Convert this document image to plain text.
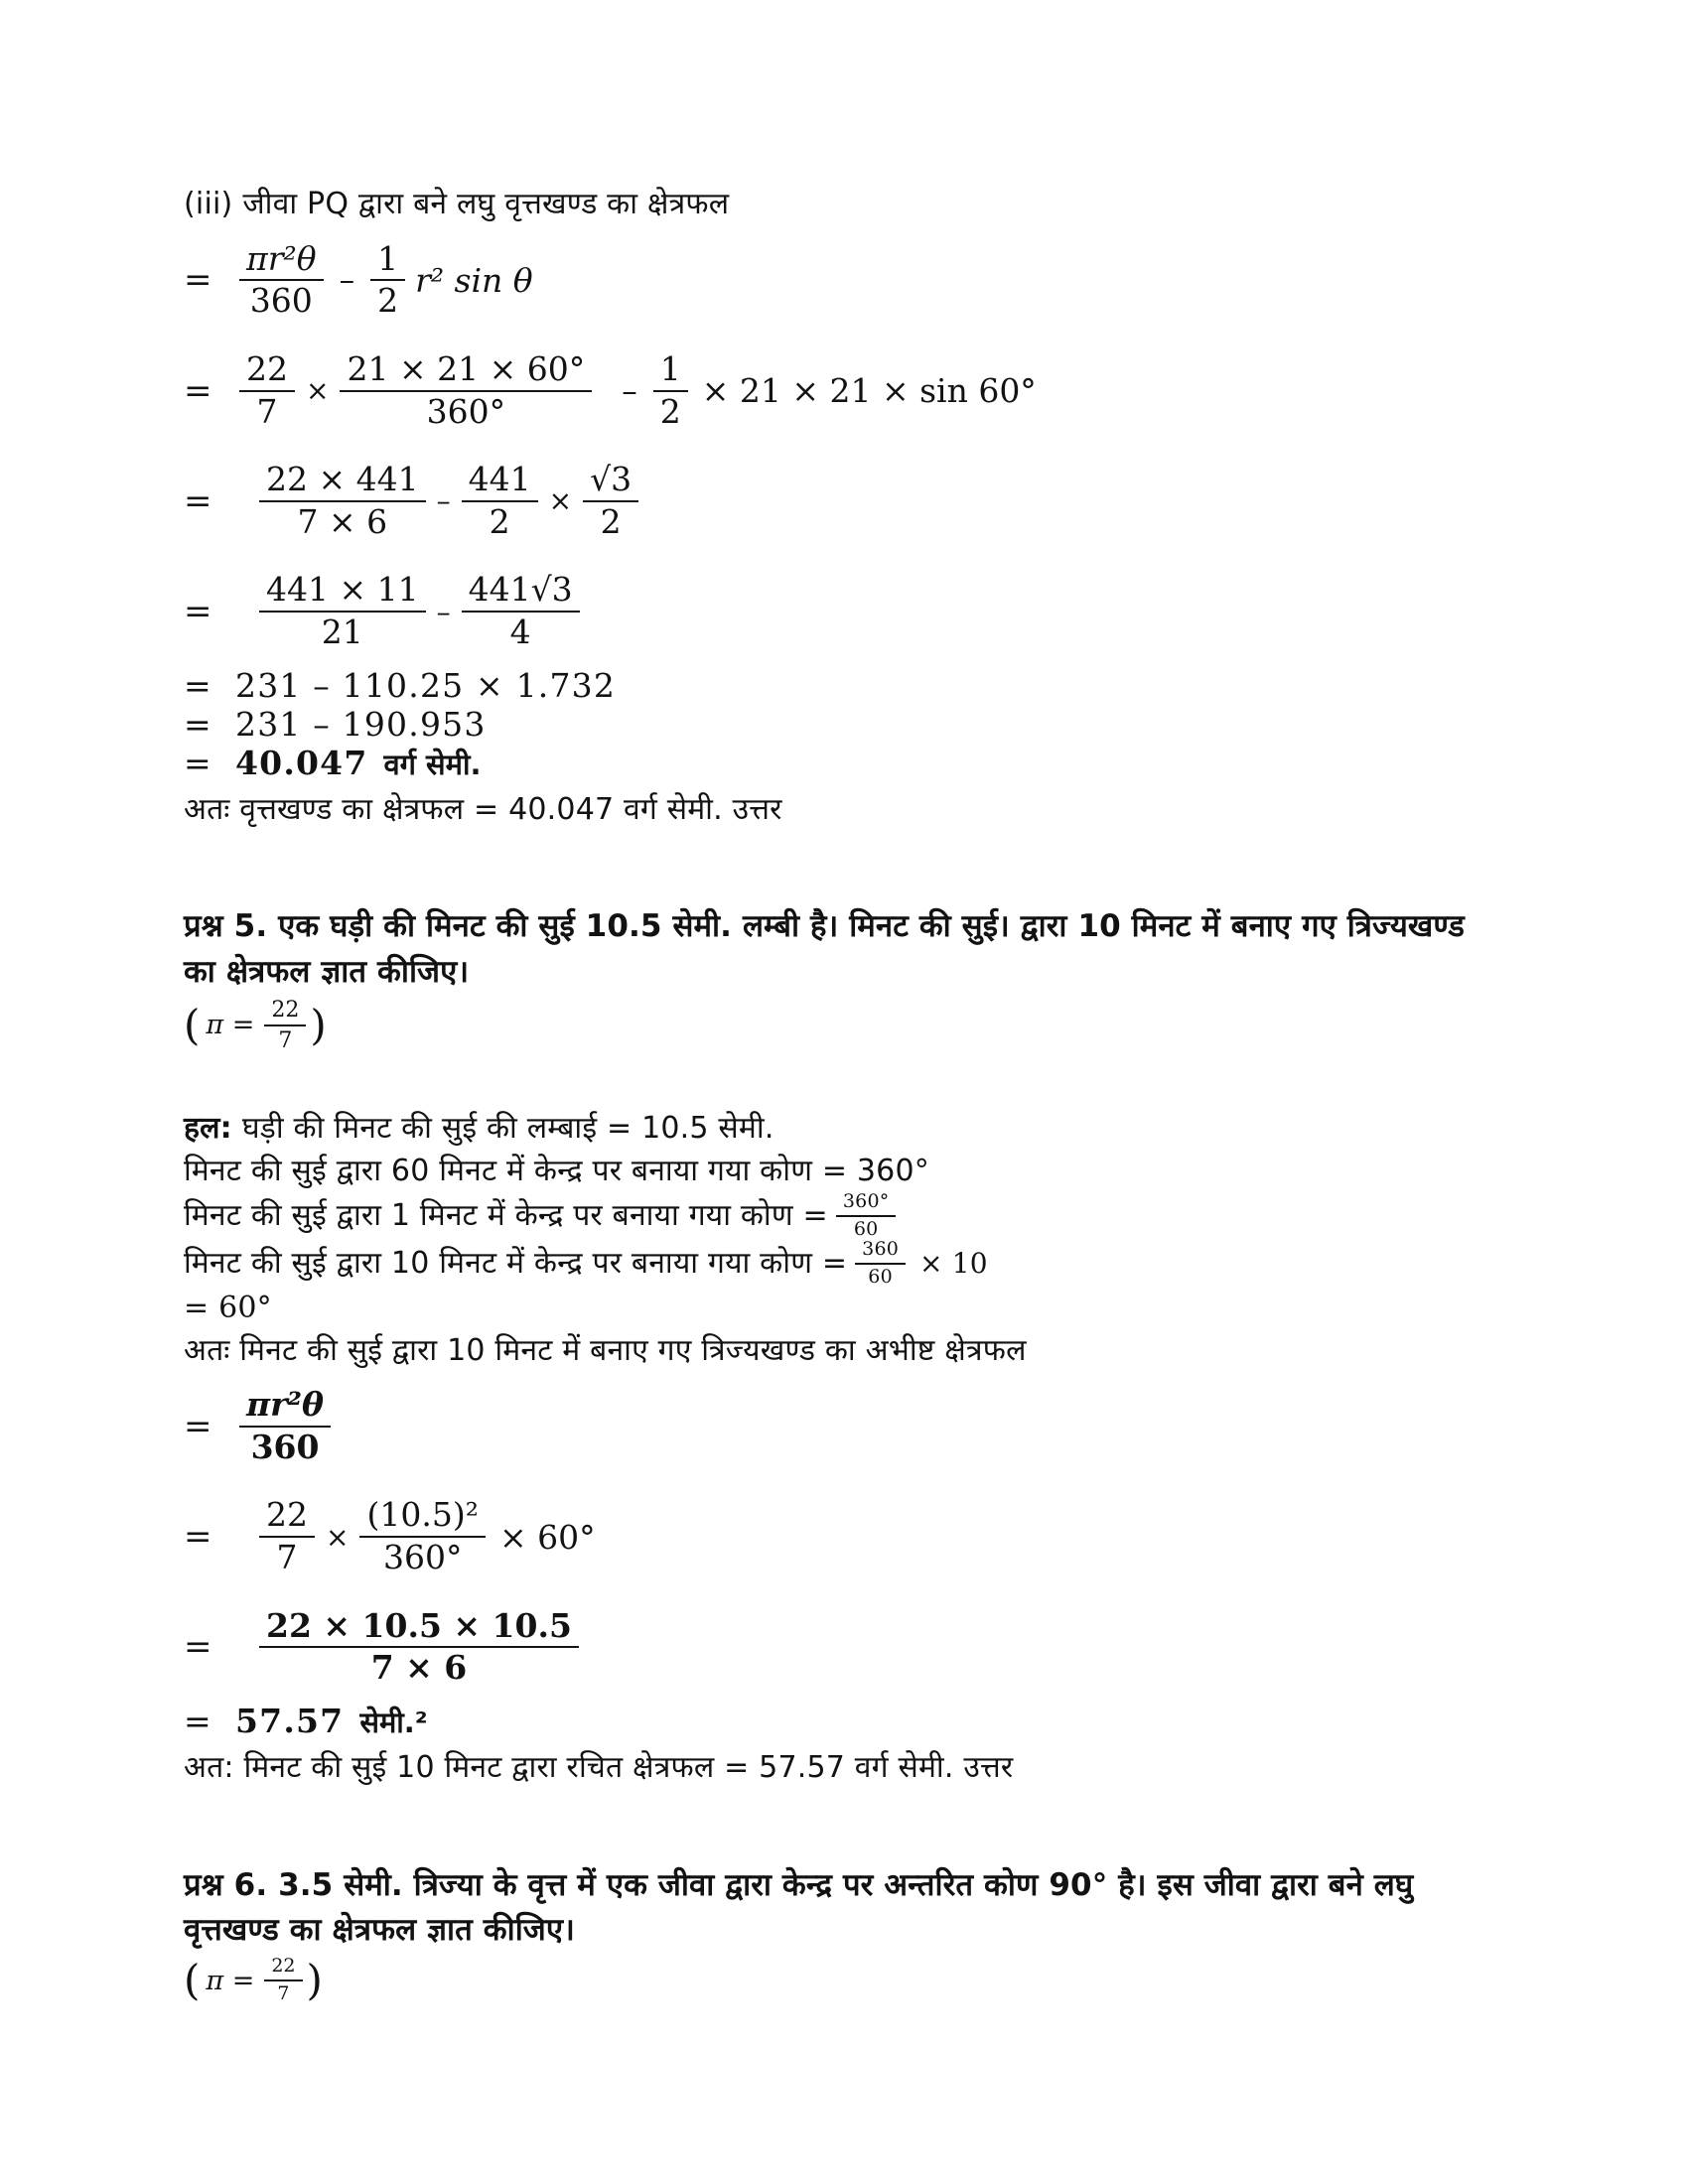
(iii) जीवा PQ द्वारा बने लघु वृत्तखण्ड का क्षेत्रफल
= $\frac{\text{πr²θ}}{360} - \frac{1}{2} r^2$ sin θ
= $\frac{22}{7} \times \frac{21 \times 21 \times 60^\circ}{360^\circ} - \frac{1}{2} \times 21 \times 21 \times \sin 60^\circ$
=	$\frac{22 \times 441}{7 \times 6} - \frac{441}{2} \times \frac{√3}{2}$
=	$\frac{441 \times 11}{21} - \frac{441√3}{4}$
= 231 – 110.25 × 1.732
= 231 – 190.953
= 40.047 वर्ग सेमी.
अतः वृत्तखण्ड का क्षेत्रफल = 40.047 वर्ग सेमी. उत्तर
प्रश्न 5. एक घड़ी की मिनट की सुई 10.5 सेमी. लम्बी है। मिनट की सुई। द्वारा 10 मिनट में बनाए गए त्रिज्यखण्ड का क्षेत्रफल ज्ञात कीजिए।
( $\pi = \frac{22}{7}$ )
हल: घड़ी की मिनट की सुई की लम्बाई = 10.5 सेमी.
मिनट की सुई द्वारा 60 मिनट में केन्द्र पर बनाया गया कोण = 360°
मिनट की सुई द्वारा 1 मिनट में केन्द्र पर बनाया गया कोण = $\frac{360^\circ}{60}$
मिनट की सुई द्वारा 10 मिनट में केन्द्र पर बनाया गया कोण = $\frac{360}{60} \times 10$
= 60°
अतः मिनट की सुई द्वारा 10 मिनट में बनाए गए त्रिज्यखण्ड का अभीष्ट क्षेत्रफल
= $\frac{\text{πr²θ}}{360}$
=	$\frac{22}{7} \times \frac{\text{(10.5)²}}{360^\circ} \times 60^\circ$
=	$\frac{22 \times 10.5 \times 10.5}{7 \times 6}$
= 57.57 सेमी.²
अत: मिनट की सुई 10 मिनट द्वारा रचित क्षेत्रफल = 57.57 वर्ग सेमी. उत्तर
प्रश्न 6. 3.5 सेमी. त्रिज्या के वृत्त में एक जीवा द्वारा केन्द्र पर अन्तरित कोण 90° है। इस जीवा द्वारा बने लघु वृत्तखण्ड का क्षेत्रफल ज्ञात कीजिए।
( $\pi = \frac{22}{7}$ )
